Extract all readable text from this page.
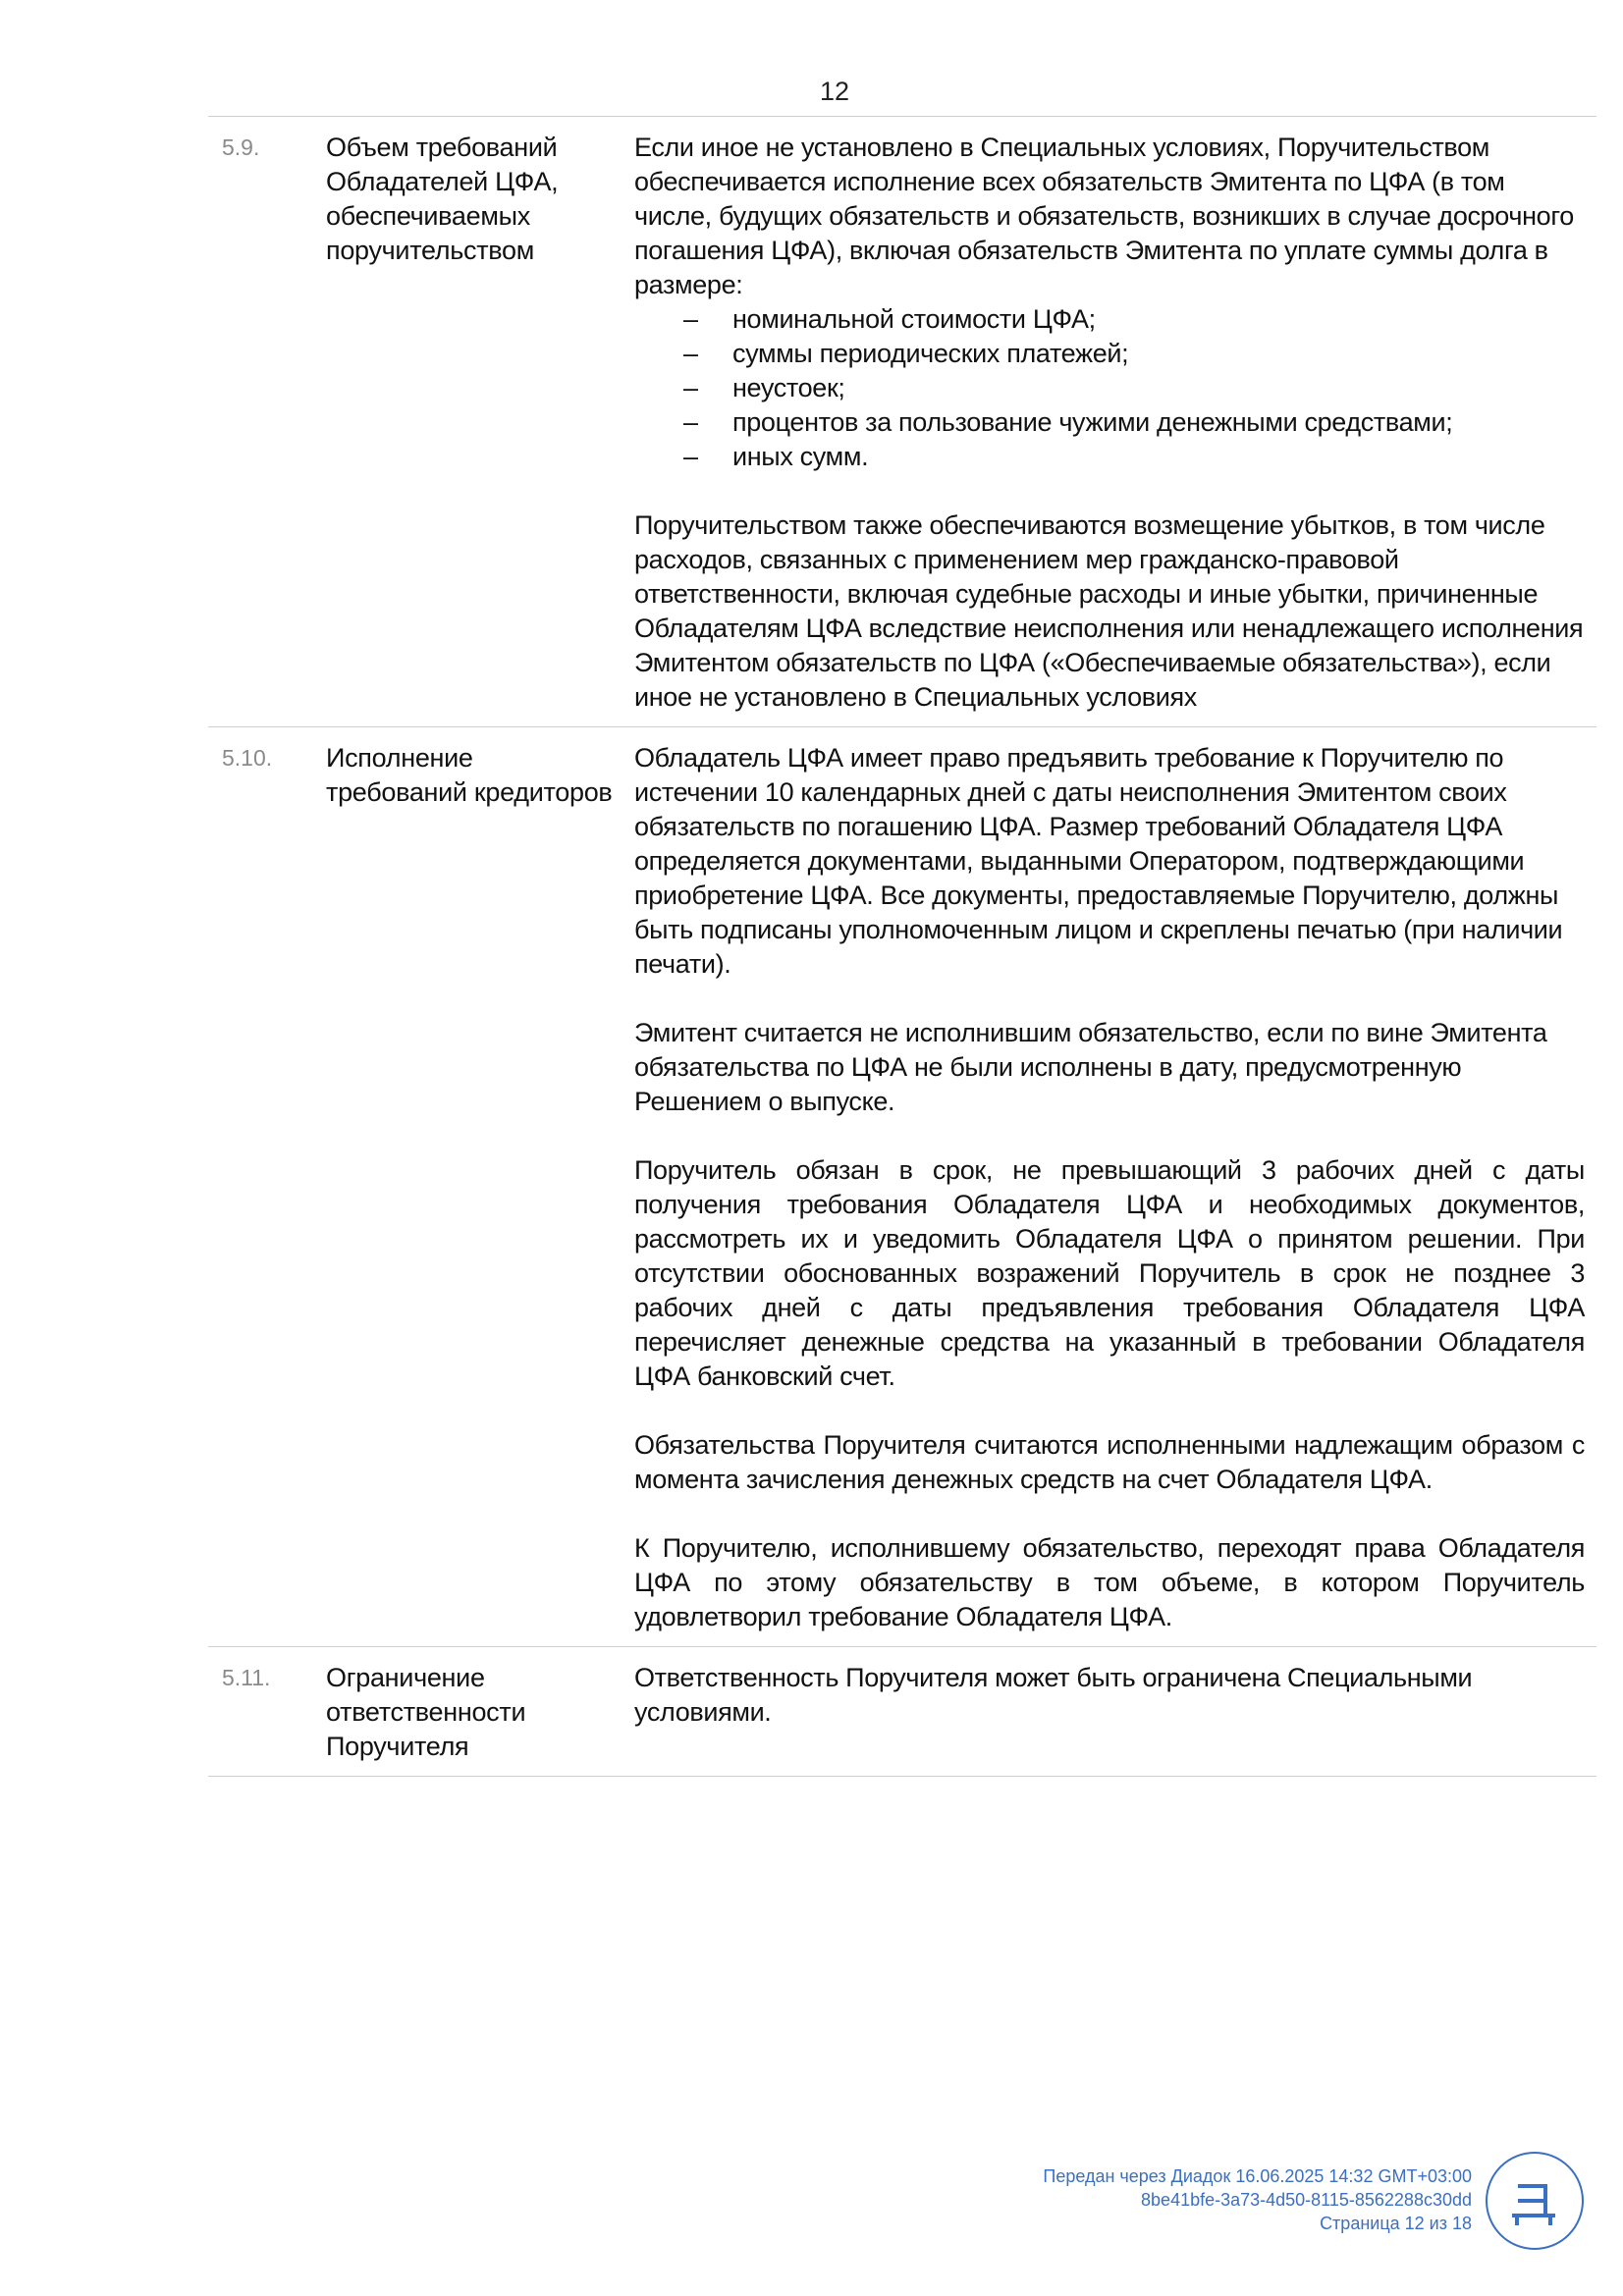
12
5.9.	Объем требований Обладателей ЦФА, обеспечиваемых поручительством

Если иное не установлено в Специальных условиях, Поручительством обеспечивается исполнение всех обязательств Эмитента по ЦФА (в том числе, будущих обязательств и обязательств, возникших в случае досрочного погашения ЦФА), включая обязательств Эмитента по уплате суммы долга в размере:

– номинальной стоимости ЦФА;
– суммы периодических платежей;
– неустоек;
– процентов за пользование чужими денежными средствами;
– иных сумм.

Поручительством также обеспечиваются возмещение убытков, в том числе расходов, связанных с применением мер гражданско-правовой ответственности, включая судебные расходы и иные убытки, причиненные Обладателям ЦФА вследствие неисполнения или ненадлежащего исполнения Эмитентом обязательств по ЦФА («Обеспечиваемые обязательства»), если иное не установлено в Специальных условиях

5.10. Исполнение требований кредиторов

Обладатель ЦФА имеет право предъявить требование к Поручителю по истечении 10 календарных дней с даты неисполнения Эмитентом своих обязательств по погашению ЦФА. Размер требований Обладателя ЦФА определяется документами, выданными Оператором, подтверждающими приобретение ЦФА. Все документы, предоставляемые Поручителю, должны быть подписаны уполномоченным лицом и скреплены печатью (при наличии печати).

Эмитент считается не исполнившим обязательство, если по вине Эмитента обязательства по ЦФА не были исполнены в дату, предусмотренную Решением о выпуске.

Поручитель обязан в срок, не превышающий 3 рабочих дней с даты получения требования Обладателя ЦФА и необходимых документов, рассмотреть их и уведомить Обладателя ЦФА о принятом решении. При отсутствии обоснованных возражений Поручитель в срок не позднее 3 рабочих дней с даты предъявления требования Обладателя ЦФА перечисляет денежные средства на указанный в требовании Обладателя ЦФА банковский счет.

Обязательства Поручителя считаются исполненными надлежащим образом с момента зачисления денежных средств на счет Обладателя ЦФА.

К Поручителю, исполнившему обязательство, переходят права Обладателя ЦФА по этому обязательству в том объеме, в котором Поручитель удовлетворил требование Обладателя ЦФА.

5.11. Ограничение ответственности Поручителя

Ответственность Поручителя может быть ограничена Специальными условиями.

Передан через Диадок 16.06.2025 14:32 GMT+03:00
8be41bfe-3a73-4d50-8115-8562288c30dd
Страница 12 из 18
